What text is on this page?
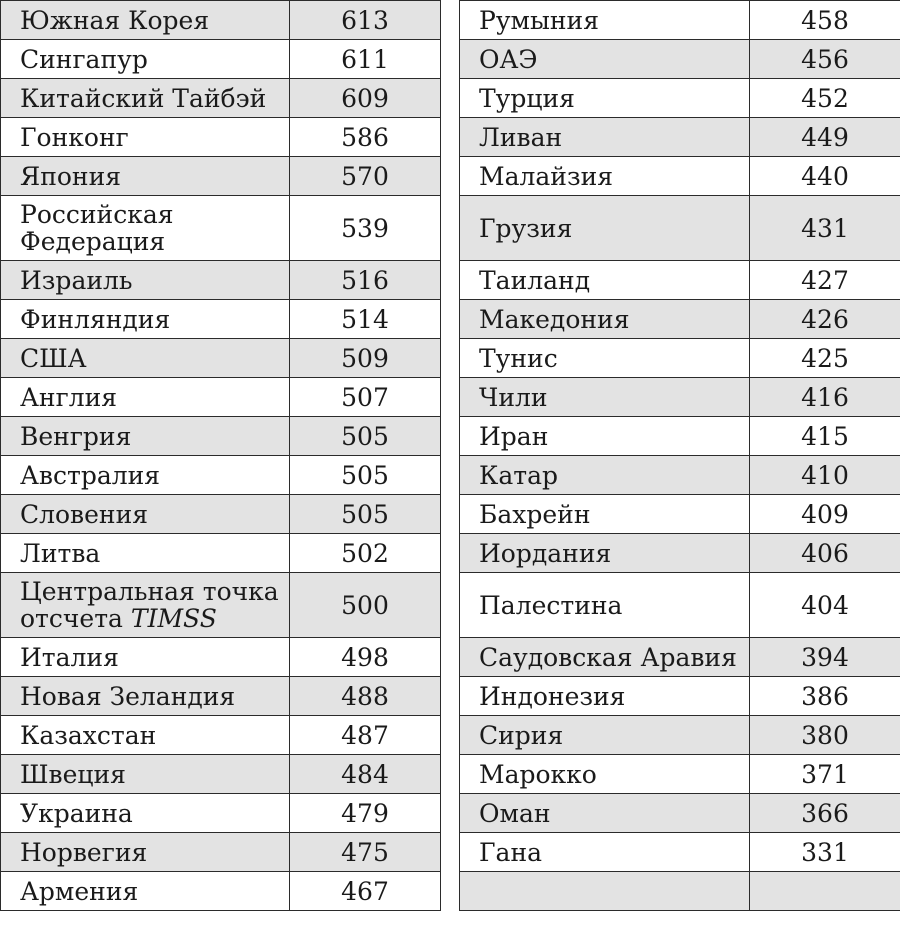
Южная Корея	613
Сингапур	611
Китайский Тайбэй	609
Гонконг	586
Япония	570
Российская Федерация	539
Израиль	516
Финляндия	514
США	509
Англия	507
Венгрия	505
Австралия	505
Словения	505
Литва	502
Центральная точка отсчета TIMSS	500
Италия	498
Новая Зеландия	488
Казахстан	487
Швеция	484
Украина	479
Норвегия	475
Армения	467
Румыния	458
ОАЭ	456
Турция	452
Ливан	449
Малайзия	440
Грузия	431
Таиланд	427
Македония	426
Тунис	425
Чили	416
Иран	415
Катар	410
Бахрейн	409
Иордания	406
Палестина	404
Саудовская Аравия	394
Индонезия	386
Сирия	380
Марокко	371
Оман	366
Гана	331
